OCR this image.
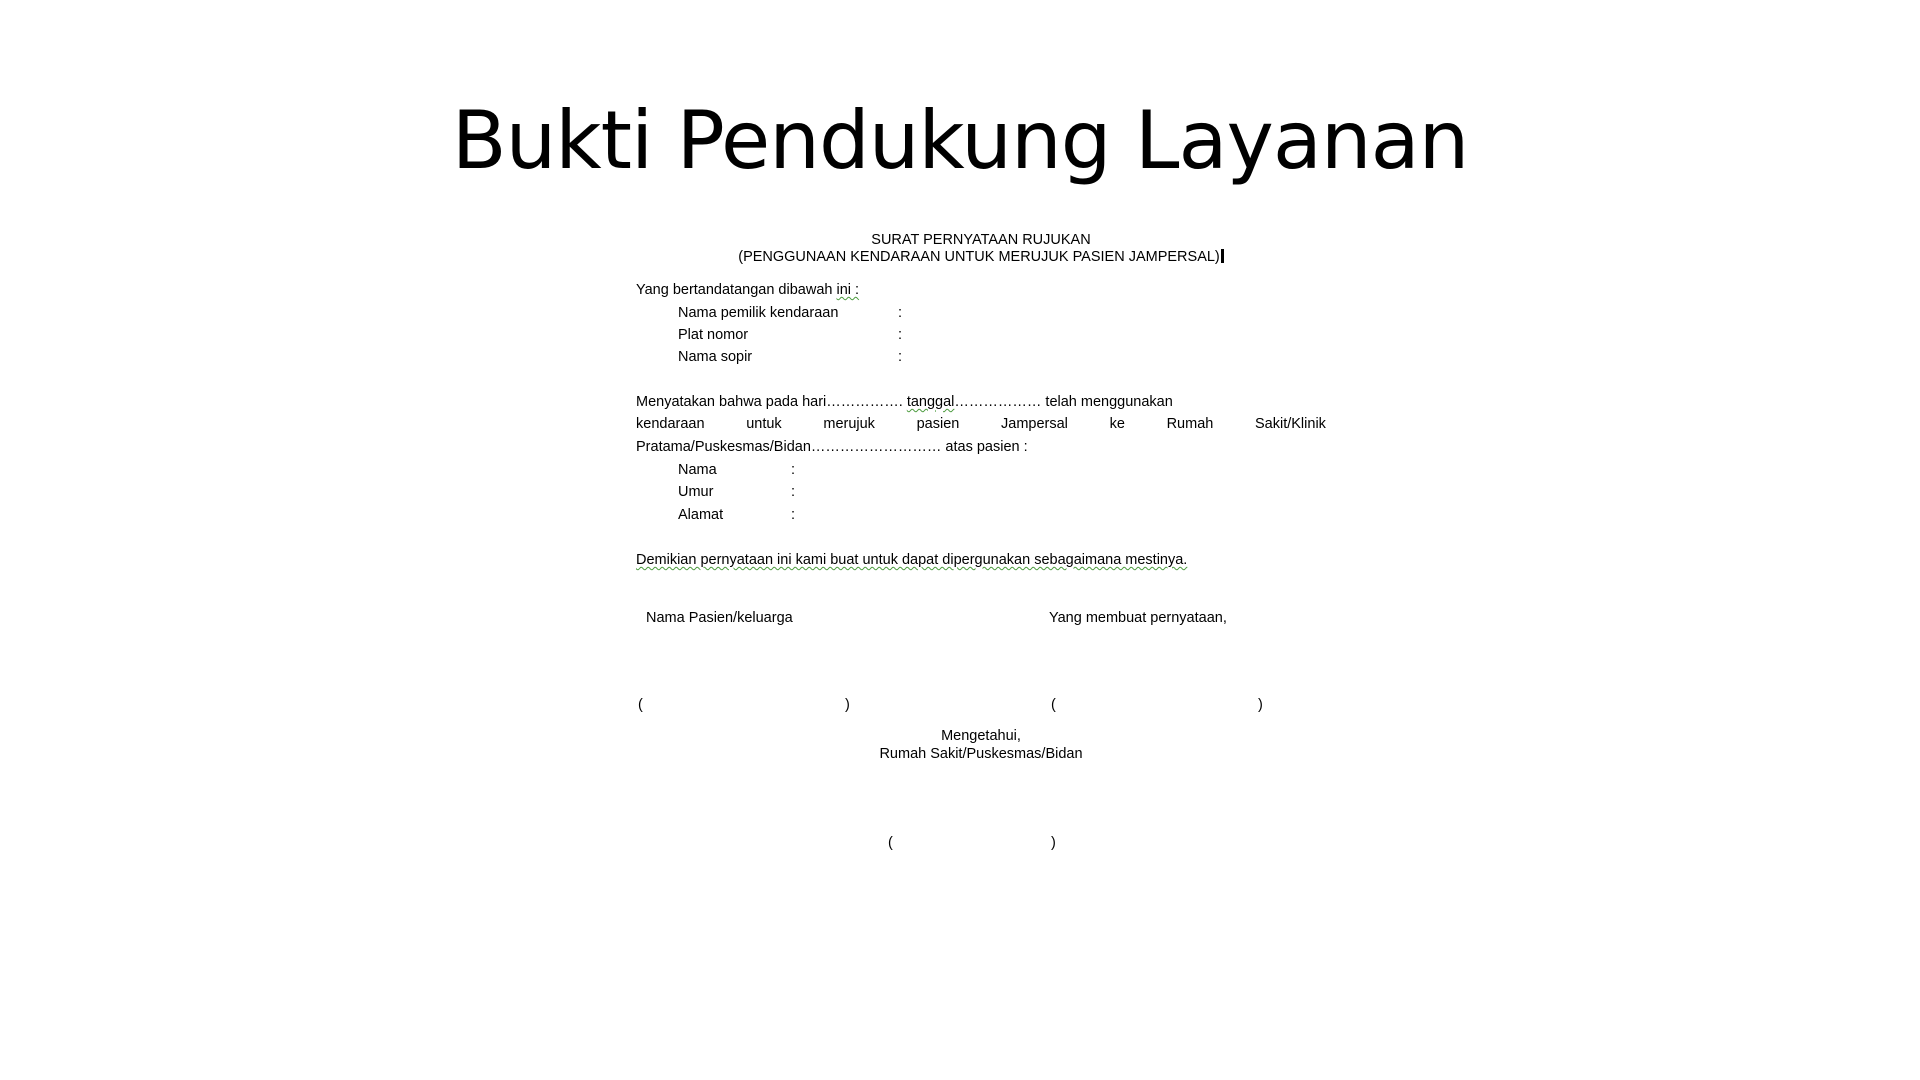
Bukti Pendukung Layanan
SURAT PERNYATAAN RUJUKAN
(PENGGUNAAN KENDARAAN UNTUK MERUJUK PASIEN JAMPERSAL)
Yang bertandatangan dibawah ini :
Nama pemilik kendaraan	:
Plat nomor	:
Nama sopir	:
Menyatakan bahwa pada hari……………. tanggal……………… telah menggunakan
kendaraan	untuk	merujuk	pasien	Jampersal	ke	Rumah	Sakit/Klinik
Pratama/Puskesmas/Bidan……………………… atas pasien :
Nama	:
Umur	:
Alamat	:
Demikian pernyataan ini kami buat untuk dapat dipergunakan sebagaimana mestinya.
Nama Pasien/keluarga	Yang membuat pernyataan,
(	)	(	)
Mengetahui,
Rumah Sakit/Puskesmas/Bidan
(	)
